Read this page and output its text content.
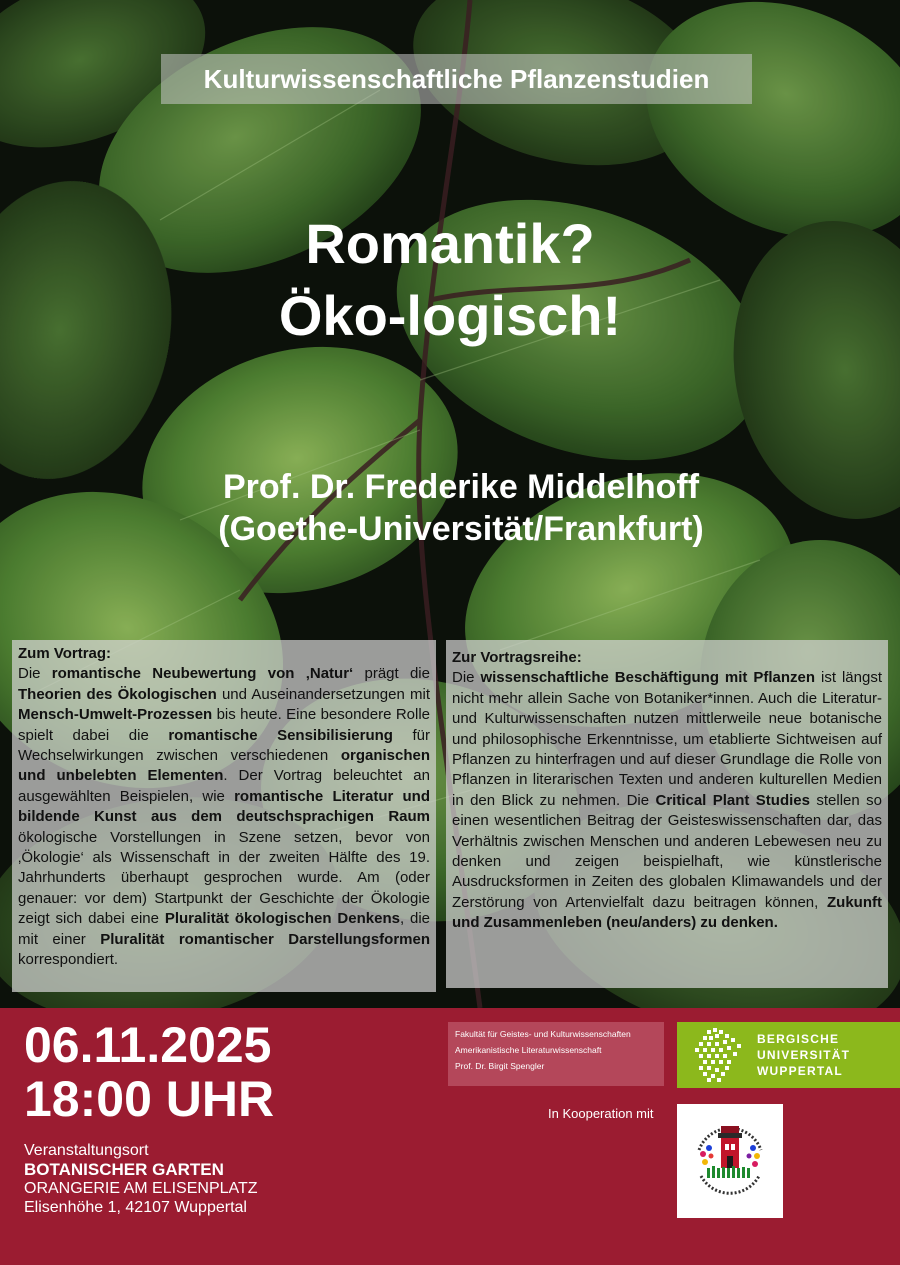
Kulturwissenschaftliche Pflanzenstudien
Romantik?
Öko-logisch!
Prof. Dr. Frederike Middelhoff
(Goethe-Universität/Frankfurt)
Zum Vortrag:
Die romantische Neubewertung von ‚Natur‘ prägt die Theorien des Ökologischen und Auseinandersetzungen mit Mensch-Umwelt-Prozessen bis heute. Eine besondere Rolle spielt dabei die romantische Sensibilisierung für Wechselwirkungen zwischen verschiedenen organischen und unbelebten Elementen. Der Vortrag beleuchtet an ausgewählten Beispielen, wie romantische Literatur und bildende Kunst aus dem deutschsprachigen Raum ökologische Vorstellungen in Szene setzen, bevor von ‚Ökologie‘ als Wissenschaft in der zweiten Hälfte des 19. Jahrhunderts überhaupt gesprochen wurde. Am (oder genauer: vor dem) Startpunkt der Geschichte der Ökologie zeigt sich dabei eine Pluralität ökologischen Denkens, die mit einer Pluralität romantischer Darstellungsformen korrespondiert.
Zur Vortragsreihe:
Die wissenschaftliche Beschäftigung mit Pflanzen ist längst nicht mehr allein Sache von Botaniker*innen. Auch die Literatur- und Kulturwissenschaften nutzen mittlerweile neue botanische und philosophische Erkenntnisse, um etablierte Sichtweisen auf Pflanzen zu hinterfragen und auf dieser Grundlage die Rolle von Pflanzen in literarischen Texten und anderen kulturellen Medien in den Blick zu nehmen. Die Critical Plant Studies stellen so einen wesentlichen Beitrag der Geisteswissenschaften dar, das Verhältnis zwischen Menschen und anderen Lebewesen neu zu denken und zeigen beispielhaft, wie künstlerische Ausdrucksformen in Zeiten des globalen Klimawandels und der Zerstörung von Artenvielfalt dazu beitragen können, Zukunft und Zusammenleben (neu/anders) zu denken.
06.11.2025
18:00 UHR
Veranstaltungsort
BOTANISCHER GARTEN
ORANGERIE AM ELISENPLATZ
Elisenhöhe 1, 42107 Wuppertal
Fakultät für Geistes- und Kulturwissenschaften
Amerikanistische Literaturwissenschaft
Prof. Dr. Birgit Spengler
BERGISCHE
UNIVERSITÄT
WUPPERTAL
In Kooperation mit
